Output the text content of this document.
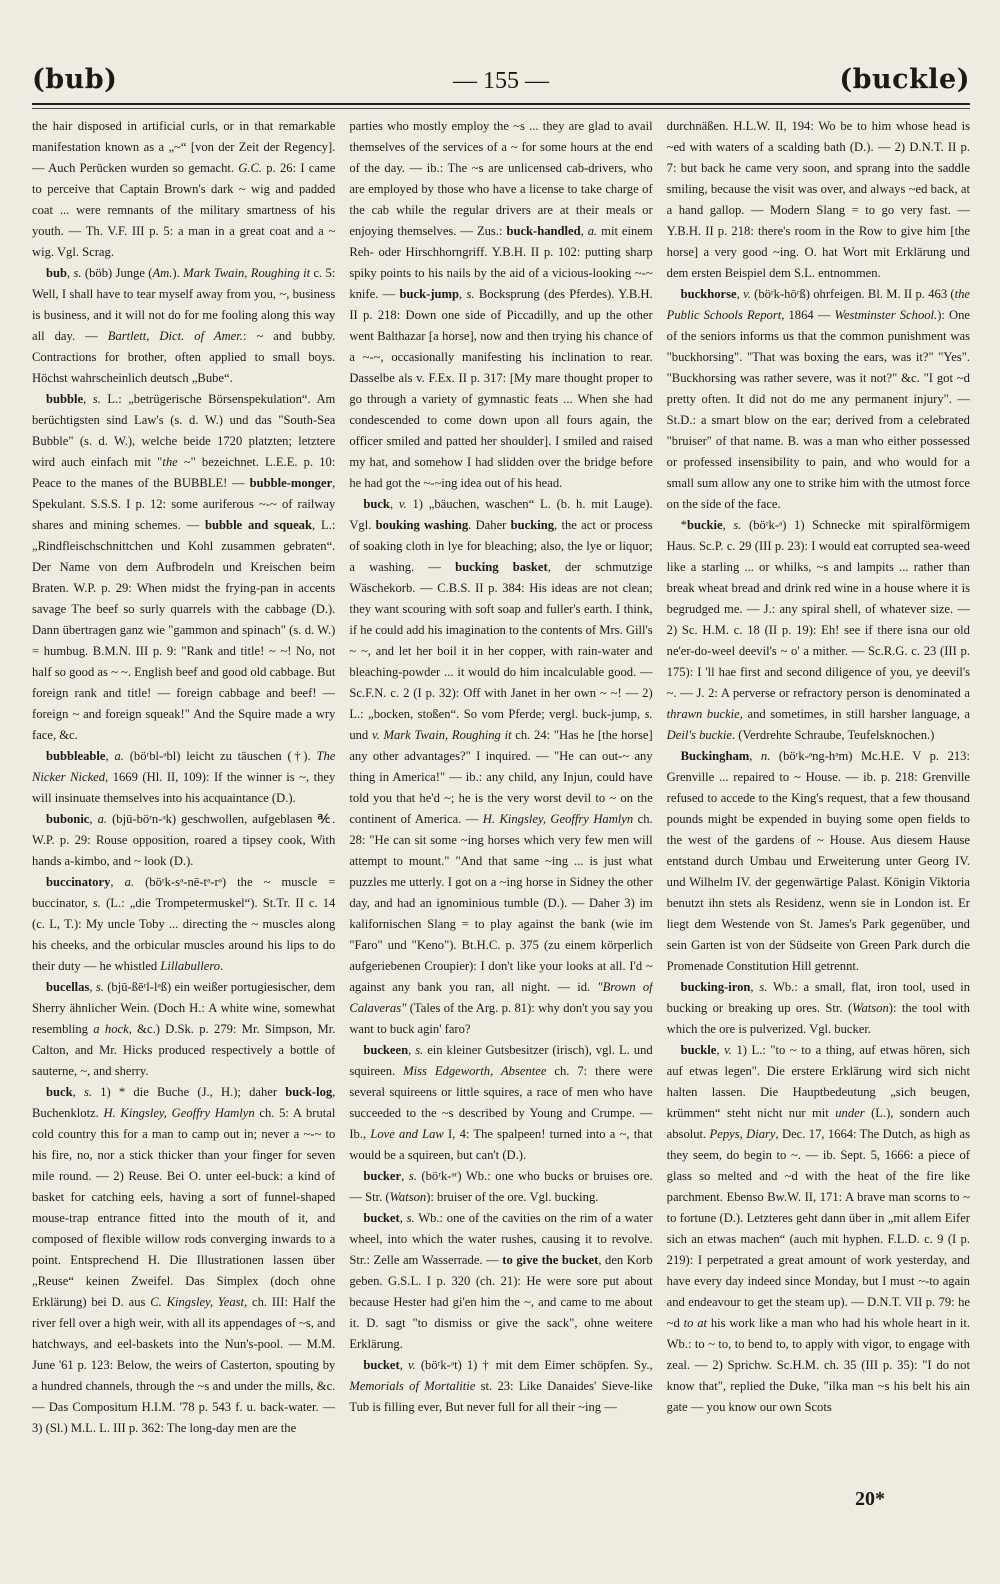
(bub)	— 155 —	(buckle)

the hair disposed in artificial curls, or in that remarkable manifestation known as a „~“ [von der Zeit der Regency]. — Auch Perücken wurden so gemacht. G.C. p. 26: I came to perceive that Captain Brown's dark ~ wig and padded coat ... were remnants of the military smartness of his youth. — Th. V.F. III p. 5: a man in a great coat and a ~ wig. Vgl. Scrag.

bub, s. (böb) Junge (Am.). Mark Twain, Roughing it c. 5: Well, I shall have to tear myself away from you, ~, business is business, and it will not do for me fooling along this way all day. — Bartlett, Dict. of Amer.: ~ and bubby. Contractions for brother, often applied to small boys. Höchst wahrscheinlich deutsch „Bube“.

bubble, s. L.: „betrügerische Börsenspekulation“. Am berüchtigsten sind Law's (s. d. W.) und das "South-Sea Bubble" (s. d. W.), welche beide 1720 platzten; letztere wird auch einfach mit "the ~" bezeichnet. L.E.E. p. 10: Peace to the manes of the BUBBLE! — bubble-monger, Spekulant. S.S.S. I p. 12: some auriferous ~-~ of railway shares and mining schemes. — bubble and squeak, L.: „Rindfleischschnittchen und Kohl zusammen gebraten“. Der Name von dem Aufbrodeln und Kreischen beim Braten. W.P. p. 29: When midst the frying-pan in accents savage The beef so surly quarrels with the cabbage (D.). Dann übertragen ganz wie "gammon and spinach" (s. d. W.) = humbug. B.M.N. III p. 9: "Rank and title! ~ ~! No, not half so good as ~ ~. English beef and good old cabbage. But foreign rank and title! — foreign cabbage and beef! — foreign ~ and foreign squeak!" And the Squire made a wry face, &c.

bubbleable, a. (böʳbl-ᵊbl) leicht zu täuschen (†). The Nicker Nicked, 1669 (Hl. II, 109): If the winner is ~, they will insinuate themselves into his acquaintance (D.).

bubonic, a. (bjū-böʳn-ᵊk) geschwollen, aufgeblasen ℀. W.P. p. 29: Rouse opposition, roared a tipsey cook, With hands a-kimbo, and ~ look (D.).

buccinatory, a. (böʳk-sᵊ-nē-tᵊ-rᵊ) the ~ muscle = buccinator, s. (L.: „die Trompetermuskel“). St.Tr. II c. 14 (c. L, T.): My uncle Toby ... directing the ~ muscles along his cheeks, and the orbicular muscles around his lips to do their duty — he whistled Lillabullero.

bucellas, s. (bjū-ßēʳl-lᵊß) ein weißer portugiesischer, dem Sherry ähnlicher Wein. (Doch H.: A white wine, somewhat resembling a hock, &c.) D.Sk. p. 279: Mr. Simpson, Mr. Calton, and Mr. Hicks produced respectively a bottle of sauterne, ~, and sherry.

buck, s. 1) * die Buche (J., H.); daher buck-log, Buchenklotz. H. Kingsley, Geoffry Hamlyn ch. 5: A brutal cold country this for a man to camp out in; never a ~-~ to his fire, no, nor a stick thicker than your finger for seven mile round. — 2) Reuse. Bei O. unter eel-buck: a kind of basket for catching eels, having a sort of funnel-shaped mouse-trap entrance fitted into the mouth of it, and composed of flexible willow rods converging inwards to a point. Entsprechend H. Die Illustrationen lassen über „Reuse“ keinen Zweifel. Das Simplex (doch ohne Erklärung) bei D. aus C. Kingsley, Yeast, ch. III: Half the river fell over a high weir, with all its appendages of ~s, and hatchways, and eel-baskets into the Nun's-pool. — M.M. June '61 p. 123: Below, the weirs of Casterton, spouting by a hundred channels, through the ~s and under the mills, &c. — Das Compositum H.I.M. '78 p. 543 f. u. back-water. — 3) (Sl.) M.L. L. III p. 362: The long-day men are the

parties who mostly employ the ~s ... they are glad to avail themselves of the services of a ~ for some hours at the end of the day. — ib.: The ~s are unlicensed cab-drivers, who are employed by those who have a license to take charge of the cab while the regular drivers are at their meals or enjoying themselves. — Zus.: buck-handled, a. mit einem Reh- oder Hirschhorngriff. Y.B.H. II p. 102: putting sharp spiky points to his nails by the aid of a vicious-looking ~-~ knife. — buck-jump, s. Bocksprung (des Pferdes). Y.B.H. II p. 218: Down one side of Piccadilly, and up the other went Balthazar [a horse], now and then trying his chance of a ~-~, occasionally manifesting his inclination to rear. Dasselbe als v. F.Ex. II p. 317: [My mare thought proper to go through a variety of gymnastic feats ... When she had condescended to come down upon all fours again, the officer smiled and patted her shoulder]. I smiled and raised my hat, and somehow I had slidden over the bridge before he had got the ~-~ing idea out of his head.

buck, v. 1) „bäuchen, waschen“ L. (b. h. mit Lauge). Vgl. bouking washing. Daher bucking, the act or process of soaking cloth in lye for bleaching; also, the lye or liquor; a washing. — bucking basket, der schmutzige Wäschekorb. — C.B.S. II p. 384: His ideas are not clean; they want scouring with soft soap and fuller's earth. I think, if he could add his imagination to the contents of Mrs. Gill's ~ ~, and let her boil it in her copper, with rain-water and bleaching-powder ... it would do him incalculable good. — Sc.F.N. c. 2 (I p. 32): Off with Janet in her own ~ ~! — 2) L.: „bocken, stoßen“. So vom Pferde; vergl. buck-jump, s. und v. Mark Twain, Roughing it ch. 24: "Has he [the horse] any other advantages?" I inquired. — "He can out-~ any thing in America!" — ib.: any child, any Injun, could have told you that he'd ~; he is the very worst devil to ~ on the continent of America. — H. Kingsley, Geoffry Hamlyn ch. 28: "He can sit some ~ing horses which very few men will attempt to mount." "And that same ~ing ... is just what puzzles me utterly. I got on a ~ing horse in Sidney the other day, and had an ignominious tumble (D.). — Daher 3) im kalifornischen Slang = to play against the bank (wie im "Faro" und "Keno"). Bt.H.C. p. 375 (zu einem körperlich aufgeriebenen Croupier): I don't like your looks at all. I'd ~ against any bank you ran, all night. — id. "Brown of Calaveras" (Tales of the Arg. p. 81): why don't you say you want to buck agin' faro?

buckeen, s. ein kleiner Gutsbesitzer (irisch), vgl. L. und squireen. Miss Edgeworth, Absentee ch. 7: there were several squireens or little squires, a race of men who have succeeded to the ~s described by Young and Crumpe. — Ib., Love and Law I, 4: The spalpeen! turned into a ~, that would be a squireen, but can't (D.).

bucker, s. (böʳk-ᵊʳ) Wb.: one who bucks or bruises ore. — Str. (Watson): bruiser of the ore. Vgl. bucking.

bucket, s. Wb.: one of the cavities on the rim of a water wheel, into which the water rushes, causing it to revolve. Str.: Zelle am Wasserrade. — to give the bucket, den Korb geben. G.S.L. I p. 320 (ch. 21): He were sore put about because Hester had gi'en him the ~, and came to me about it. D. sagt "to dismiss or give the sack", ohne weitere Erklärung.

bucket, v. (böʳk-ᵊt) 1) † mit dem Eimer schöpfen. Sy., Memorials of Mortalitie st. 23: Like Danaides' Sieve-like Tub is filling ever, But never full for all their ~ing —

durchnäßen. H.L.W. II, 194: Wo be to him whose head is ~ed with waters of a scalding bath (D.). — 2) D.N.T. II p. 7: but back he came very soon, and sprang into the saddle smiling, because the visit was over, and always ~ed back, at a hand gallop. — Modern Slang = to go very fast. — Y.B.H. II p. 218: there's room in the Row to give him [the horse] a very good ~ing. O. hat Wort mit Erklärung und dem ersten Beispiel dem S.L. entnommen.

buckhorse, v. (böʳk-hōʳß) ohrfeigen. Bl. M. II p. 463 (the Public Schools Report, 1864 — Westminster School.): One of the seniors informs us that the common punishment was "buckhorsing". "That was boxing the ears, was it?" "Yes". "Buckhorsing was rather severe, was it not?" &c. "I got ~d pretty often. It did not do me any permanent injury". — St.D.: a smart blow on the ear; derived from a celebrated "bruiser" of that name. B. was a man who either possessed or professed insensibility to pain, and who would for a small sum allow any one to strike him with the utmost force on the side of the face.

*buckie, s. (böʳk-ᵊ) 1) Schnecke mit spiralförmigem Haus. Sc.P. c. 29 (III p. 23): I would eat corrupted sea-weed like a starling ... or whilks, ~s and lampits ... rather than break wheat bread and drink red wine in a house where it is begrudged me. — J.: any spiral shell, of whatever size. — 2) Sc. H.M. c. 18 (II p. 19): Eh! see if there isna our old ne'er-do-weel deevil's ~ o' a mither. — Sc.R.G. c. 23 (III p. 175): I 'll hae first and second diligence of you, ye deevil's ~. — J. 2: A perverse or refractory person is denominated a thrawn buckie, and sometimes, in still harsher language, a Deil's buckie. (Verdrehte Schraube, Teufelsknochen.)

Buckingham, n. (böʳk-ᵊng-hᵊm) Mc.H.E. V p. 213: Grenville ... repaired to ~ House. — ib. p. 218: Grenville refused to accede to the King's request, that a few thousand pounds might be expended in buying some open fields to the west of the gardens of ~ House. Aus diesem Hause entstand durch Umbau und Erweiterung unter Georg IV. und Wilhelm IV. der gegenwärtige Palast. Königin Viktoria benutzt ihn stets als Residenz, wenn sie in London ist. Er liegt dem Westende von St. James's Park gegenüber, und sein Garten ist von der Südseite von Green Park durch die Promenade Constitution Hill getrennt.

bucking-iron, s. Wb.: a small, flat, iron tool, used in bucking or breaking up ores. Str. (Watson): the tool with which the ore is pulverized. Vgl. bucker.

buckle, v. 1) L.: "to ~ to a thing, auf etwas hören, sich auf etwas legen". Die erstere Erklärung wird sich nicht halten lassen. Die Hauptbedeutung „sich beugen, krümmen“ steht nicht nur mit under (L.), sondern auch absolut. Pepys, Diary, Dec. 17, 1664: The Dutch, as high as they seem, do begin to ~. — ib. Sept. 5, 1666: a piece of glass so melted and ~d with the heat of the fire like parchment. Ebenso Bw.W. II, 171: A brave man scorns to ~ to fortune (D.). Letzteres geht dann über in „mit allem Eifer sich an etwas machen“ (auch mit hyphen. F.L.D. c. 9 (I p. 219): I perpetrated a great amount of work yesterday, and have every day indeed since Monday, but I must ~-to again and endeavour to get the steam up). — D.N.T. VII p. 79: he ~d to at his work like a man who had his whole heart in it. Wb.: to ~ to, to bend to, to apply with vigor, to engage with zeal. — 2) Sprichw. Sc.H.M. ch. 35 (III p. 35): "I do not know that", replied the Duke, "ilka man ~s his belt his ain gate — you know our own Scots

20*
